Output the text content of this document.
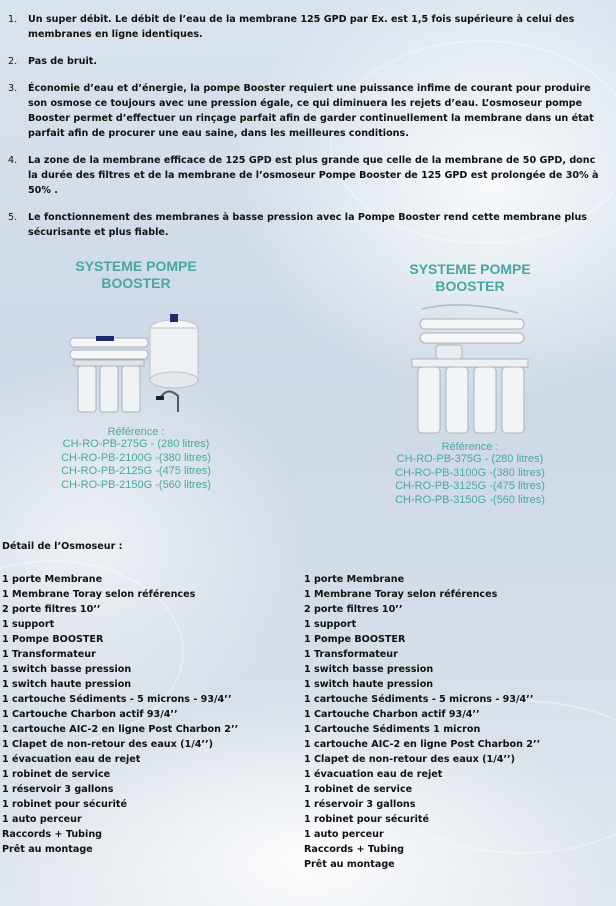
1. Un super débit. Le débit de l’eau de la membrane 125 GPD par Ex. est 1,5 fois supérieure à celui des membranes en ligne identiques.
2. Pas de bruit.
3. Économie d’eau et d’énergie, la pompe Booster requiert une puissance infime de courant pour produire son osmose ce toujours avec une pression égale, ce qui diminuera les rejets d’eau. L’osmoseur pompe Booster permet d’effectuer un rinçage parfait afin de garder continuellement la membrane dans un état parfait afin de procurer une eau saine, dans les meilleures conditions.
4. La zone de la membrane efficace de 125 GPD est plus grande que celle de la membrane de 50 GPD, donc la durée des filtres et de la membrane de l’osmoseur Pompe Booster de 125 GPD est prolongée de 30% à 50% .
5. Le fonctionnement des membranes à basse pression avec la Pompe Booster rend cette membrane plus sécurisante et plus fiable.
SYSTEME POMPE
BOOSTER
Référence :
CH-RO-PB-275G - (280 litres)
CH-RO-PB-2100G -(380 litres)
CH-RO-PB-2125G -(475 litres)
CH-RO-PB-2150G -(560 litres)
SYSTEME POMPE
BOOSTER
Référence :
CH-RO-PB-375G - (280 litres)
CH-RO-PB-3100G -(380 litres)
CH-RO-PB-3125G -(475 litres)
CH-RO-PB-3150G -(560 litres)
Détail de l’Osmoseur :
1 porte Membrane
1 Membrane Toray selon références
2 porte filtres 10’’
1 support
1 Pompe BOOSTER
1 Transformateur
1 switch basse pression
1 switch haute pression
1 cartouche Sédiments - 5 microns - 93/4’’
1 Cartouche Charbon actif 93/4’’
1 cartouche AIC-2 en ligne Post Charbon 2’’
1 Clapet de non-retour des eaux (1/4’’)
1 évacuation eau de rejet
1 robinet de service
1 réservoir 3 gallons
1 robinet pour sécurité
1 auto perceur
Raccords + Tubing
Prêt au montage
1 porte Membrane
1 Membrane Toray selon références
2 porte filtres 10’’
1 support
1 Pompe BOOSTER
1 Transformateur
1 switch basse pression
1 switch haute pression
1 cartouche Sédiments - 5 microns - 93/4’’
1 Cartouche Charbon actif 93/4’’
1 Cartouche Sédiments 1 micron
1 cartouche AIC-2 en ligne Post Charbon 2’’
1 Clapet de non-retour des eaux (1/4’’)
1 évacuation eau de rejet
1 robinet de service
1 réservoir 3 gallons
1 robinet pour sécurité
1 auto perceur
Raccords + Tubing
Prêt au montage
